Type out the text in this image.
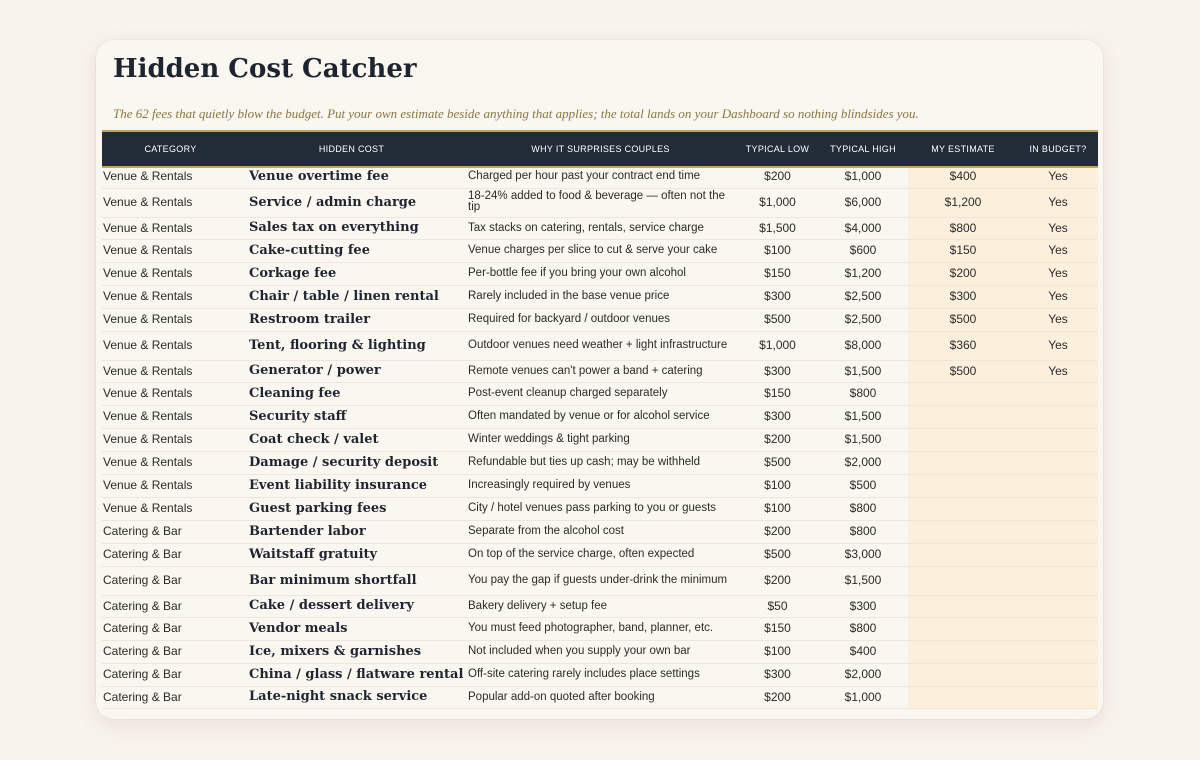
Hidden Cost Catcher

The 62 fees that quietly blow the budget. Put your own estimate beside anything that applies; the total lands on your Dashboard so nothing blindsides you.

CATEGORY	HIDDEN COST	WHY IT SURPRISES COUPLES	TYPICAL LOW	TYPICAL HIGH	MY ESTIMATE	IN BUDGET?
Venue & Rentals	Venue overtime fee	Charged per hour past your contract end time	$200	$1,000	$400	Yes
Venue & Rentals	Service / admin charge	18-24% added to food & beverage — often not the tip	$1,000	$6,000	$1,200	Yes
Venue & Rentals	Sales tax on everything	Tax stacks on catering, rentals, service charge	$1,500	$4,000	$800	Yes
Venue & Rentals	Cake-cutting fee	Venue charges per slice to cut & serve your cake	$100	$600	$150	Yes
Venue & Rentals	Corkage fee	Per-bottle fee if you bring your own alcohol	$150	$1,200	$200	Yes
Venue & Rentals	Chair / table / linen rental	Rarely included in the base venue price	$300	$2,500	$300	Yes
Venue & Rentals	Restroom trailer	Required for backyard / outdoor venues	$500	$2,500	$500	Yes
Venue & Rentals	Tent, flooring & lighting	Outdoor venues need weather + light infrastructure	$1,000	$8,000	$360	Yes
Venue & Rentals	Generator / power	Remote venues can't power a band + catering	$300	$1,500	$500	Yes
Venue & Rentals	Cleaning fee	Post-event cleanup charged separately	$150	$800		
Venue & Rentals	Security staff	Often mandated by venue or for alcohol service	$300	$1,500		
Venue & Rentals	Coat check / valet	Winter weddings & tight parking	$200	$1,500		
Venue & Rentals	Damage / security deposit	Refundable but ties up cash; may be withheld	$500	$2,000		
Venue & Rentals	Event liability insurance	Increasingly required by venues	$100	$500		
Venue & Rentals	Guest parking fees	City / hotel venues pass parking to you or guests	$100	$800		
Catering & Bar	Bartender labor	Separate from the alcohol cost	$200	$800		
Catering & Bar	Waitstaff gratuity	On top of the service charge, often expected	$500	$3,000		
Catering & Bar	Bar minimum shortfall	You pay the gap if guests under-drink the minimum	$200	$1,500		
Catering & Bar	Cake / dessert delivery	Bakery delivery + setup fee	$50	$300		
Catering & Bar	Vendor meals	You must feed photographer, band, planner, etc.	$150	$800		
Catering & Bar	Ice, mixers & garnishes	Not included when you supply your own bar	$100	$400		
Catering & Bar	China / glass / flatware rental	Off-site catering rarely includes place settings	$300	$2,000		
Catering & Bar	Late-night snack service	Popular add-on quoted after booking	$200	$1,000		
